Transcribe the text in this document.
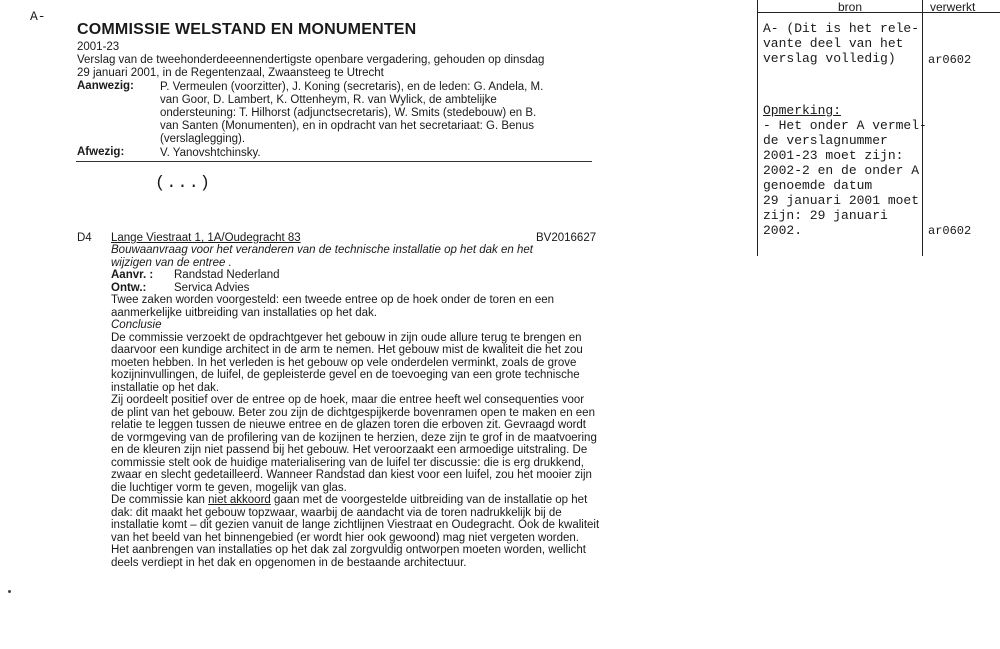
A-
COMMISSIE WELSTAND EN MONUMENTEN
2001-23
Verslag van de tweehonderdeeennendertigste openbare vergadering, gehouden op dinsdag
29 januari 2001, in de Regentenzaal, Zwaansteeg te Utrecht
Aanwezig: P. Vermeulen (voorzitter), J. Koning (secretaris), en de leden: G. Andela, M.
van Goor, D. Lambert, K. Ottenheym, R. van Wylick, de ambtelijke
ondersteuning: T. Hilhorst (adjunctsecretaris), W. Smits (stedebouw) en B.
van Santen (Monumenten), en in opdracht van het secretariaat: G. Benus
(verslaglegging).
Afwezig:	V. Yanovshtchinsky.
(...)
D4 Lange Viestraat 1, 1A/Oudegracht 83	BV2016627
Bouwaanvraag voor het veranderen van de technische installatie op het dak en het
wijzigen van de entree .
Aanvr. : Randstad Nederland
Ontw.: Servica Advies
Twee zaken worden voorgesteld: een tweede entree op de hoek onder de toren en een
aanmerkelijke uitbreiding van installaties op het dak.
Conclusie
De commissie verzoekt de opdrachtgever het gebouw in zijn oude allure terug te brengen en
daarvoor een kundige architect in de arm te nemen. Het gebouw mist de kwaliteit die het zou
moeten hebben. In het verleden is het gebouw op vele onderdelen verminkt, zoals de grove
kozijninvullingen, de luifel, de gepleisterde gevel en de toevoeging van een grote technische
installatie op het dak.
Zij oordeelt positief over de entree op de hoek, maar die entree heeft wel consequenties voor
de plint van het gebouw. Beter zou zijn de dichtgespijkerde bovenramen open te maken en een
relatie te leggen tussen de nieuwe entree en de glazen toren die erboven zit. Gevraagd wordt
de vormgeving van de profilering van de kozijnen te herzien, deze zijn te grof in de maatvoering
en de kleuren zijn niet passend bij het gebouw. Het veroorzaakt een armoedige uitstraling. De
commissie stelt ook de huidige materialisering van de luifel ter discussie: die is erg drukkend,
zwaar en slecht gedetailleerd. Wanneer Randstad dan kiest voor een luifel, zou het mooier zijn
die luchtiger vorm te geven, mogelijk van glas.
De commissie kan niet akkoord gaan met de voorgestelde uitbreiding van de installatie op het
dak: dit maakt het gebouw topzwaar, waarbij de aandacht via de toren nadrukkelijk bij de
installatie komt – dit gezien vanuit de lange zichtlijnen Viestraat en Oudegracht. Ook de kwaliteit
van het beeld van het binnengebied (er wordt hier ook gewoond) mag niet vergeten worden.
Het aanbrengen van installaties op het dak zal zorgvuldig ontworpen moeten worden, wellicht
deels verdiept in het dak en opgenomen in de bestaande architectuur.
bron	verwerkt
A- (Dit is het rele-
vante deel van het
verslag volledig)	ar0602
Opmerking:
- Het onder A vermel-
de verslagnummer
2001-23 moet zijn:
2002-2 en de onder A
genoemde datum
29 januari 2001 moet
zijn: 29 januari
2002.	ar0602
